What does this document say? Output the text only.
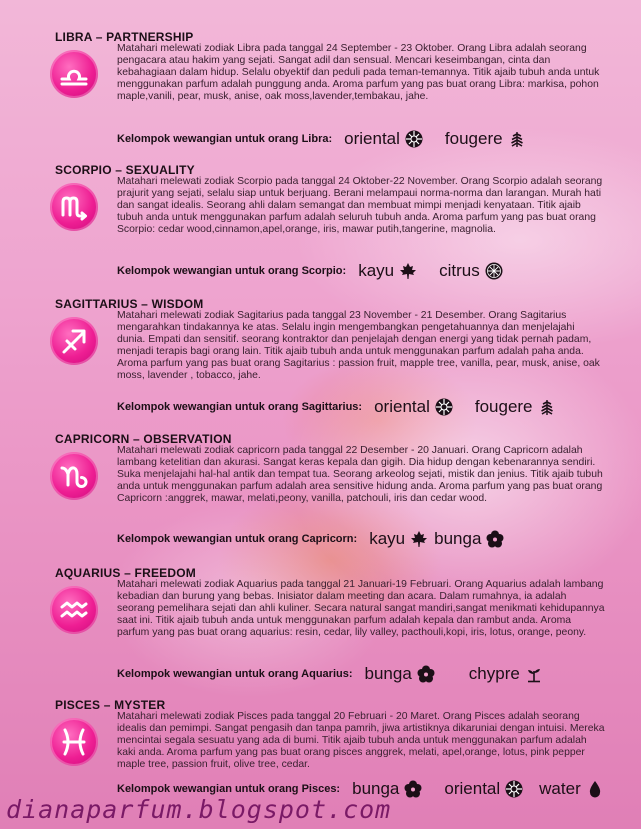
LIBRA – PARTNERSHIP

Matahari melewati zodiak Libra pada tanggal 24 September - 23 Oktober. Orang Libra adalah seorang pengacara atau hakim yang sejati. Sangat adil dan sensual. Mencari keseimbangan, cinta dan kebahagiaan dalam hidup. Selalu obyektif dan peduli pada teman-temannya. Titik ajaib tubuh anda untuk menggunakan parfum adalah punggung anda. Aroma parfum yang pas buat orang Libra: markisa, pohon maple,vanili, pear, musk, anise, oak moss,lavender,tembakau, jahe.

Kelompok wewangian untuk orang Libra: oriental	fougere
SCORPIO – SEXUALITY

Matahari melewati zodiak Scorpio pada tanggal 24 Oktober-22 November. Orang Scorpio adalah seorang prajurit yang sejati, selalu siap untuk berjuang. Berani melampaui norma-norma dan larangan. Murah hati dan sangat idealis. Seorang ahli dalam semangat dan membuat mimpi menjadi kenyataan. Titik ajaib tubuh anda untuk menggunakan parfum adalah seluruh tubuh anda. Aroma parfum yang pas buat orang Scorpio: cedar wood,cinnamon,apel,orange, iris, mawar putih,tangerine, magnolia.

Kelompok wewangian untuk orang Scorpio: kayu	citrus
SAGITTARIUS – WISDOM

Matahari melewati zodiak Sagitarius pada tanggal 23 November - 21 Desember. Orang Sagitarius mengarahkan tindakannya ke atas. Selalu ingin mengembangkan pengetahuannya dan menjelajahi dunia. Empati dan sensitif. seorang kontraktor dan penjelajah dengan energi yang tidak pernah padam, menjadi terapis bagi orang lain. Titik ajaib tubuh anda untuk menggunakan parfum adalah paha anda. Aroma parfum yang pas buat orang Sagitarius : passion fruit, mapple tree, vanilla, pear, musk, anise, oak moss, lavender , tobacco, jahe.

Kelompok wewangian untuk orang Sagittarius: oriental	fougere
CAPRICORN – OBSERVATION

Matahari melewati zodiak capricorn pada tanggal 22 Desember - 20 Januari. Orang Capricorn adalah lambang ketelitian dan akurasi. Sangat keras kepala dan gigih. Dia hidup dengan kebenarannya sendiri. Suka menjelajahi hal-hal antik dan tempat tua. Seorang arkeolog sejati, mistik dan jenius. Titik ajaib tubuh anda untuk menggunakan parfum adalah area sensitive hidung anda. Aroma parfum yang pas buat orang Capricorn :anggrek, mawar, melati,peony, vanilla, patchouli, iris dan cedar wood.

Kelompok wewangian untuk orang Capricorn: kayu bunga
AQUARIUS – FREEDOM

Matahari melewati zodiak Aquarius pada tanggal 21 Januari-19 Februari. Orang Aquarius adalah lambang kebadian dan burung yang bebas. Inisiator dalam meeting dan acara. Dalam rumahnya, ia adalah seorang pemelihara sejati dan ahli kuliner. Secara natural sangat mandiri,sangat menikmati kehidupannya saat ini. Titik ajaib tubuh anda untuk menggunakan parfum adalah kepala dan rambut anda. Aroma parfum yang pas buat orang aquarius: resin, cedar, lily valley, pacthouli,kopi, iris, lotus, orange, peony.

Kelompok wewangian untuk orang Aquarius: bunga	chypre
PISCES – MYSTER

Matahari melewati zodiak Pisces pada tanggal 20 Februari - 20 Maret. Orang Pisces adalah seorang idealis dan pemimpi. Sangat pengasih dan tanpa pamrih, jiwa artistiknya dikaruniai dengan intuisi. Mereka mencintai segala sesuatu yang ada di bumi. Titik ajaib tubuh anda untuk menggunakan parfum adalah kaki anda. Aroma parfum yang pas buat orang pisces anggrek, melati, apel,orange, lotus, pink pepper maple tree, passion fruit, olive tree, cedar.

Kelompok wewangian untuk orang Pisces: bunga	oriental water
dianaparfum.blogspot.com
